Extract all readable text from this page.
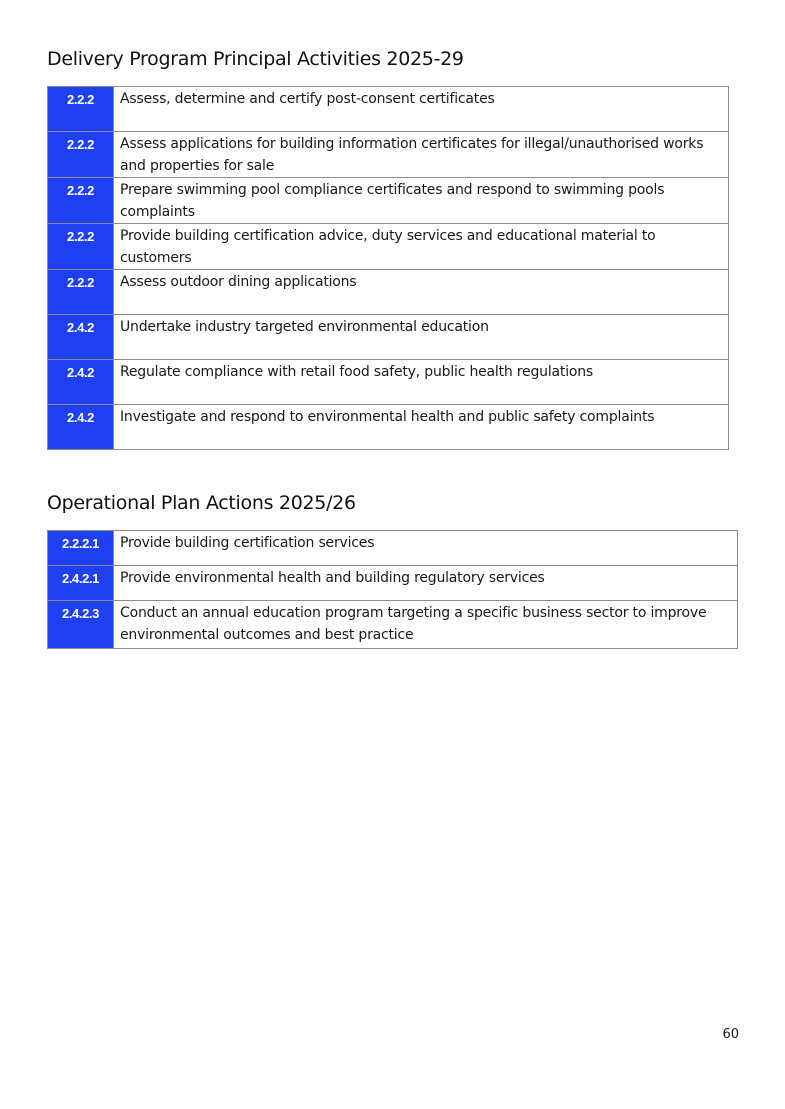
Delivery Program Principal Activities 2025-29
2.2.2	Assess, determine and certify post-consent certificates

2.2.2	Assess applications for building information certificates for illegal/unauthorised works and properties for sale

2.2.2	Prepare swimming pool compliance certificates and respond to swimming pools complaints

2.2.2	Provide building certification advice, duty services and educational material to customers

2.2.2	Assess outdoor dining applications

2.4.2	Undertake industry targeted environmental education

2.4.2	Regulate compliance with retail food safety, public health regulations

2.4.2	Investigate and respond to environmental health and public safety complaints
Operational Plan Actions 2025/26
2.2.2.1	Provide building certification services

2.4.2.1	Provide environmental health and building regulatory services

2.4.2.3	Conduct an annual education program targeting a specific business sector to improve environmental outcomes and best practice
60
